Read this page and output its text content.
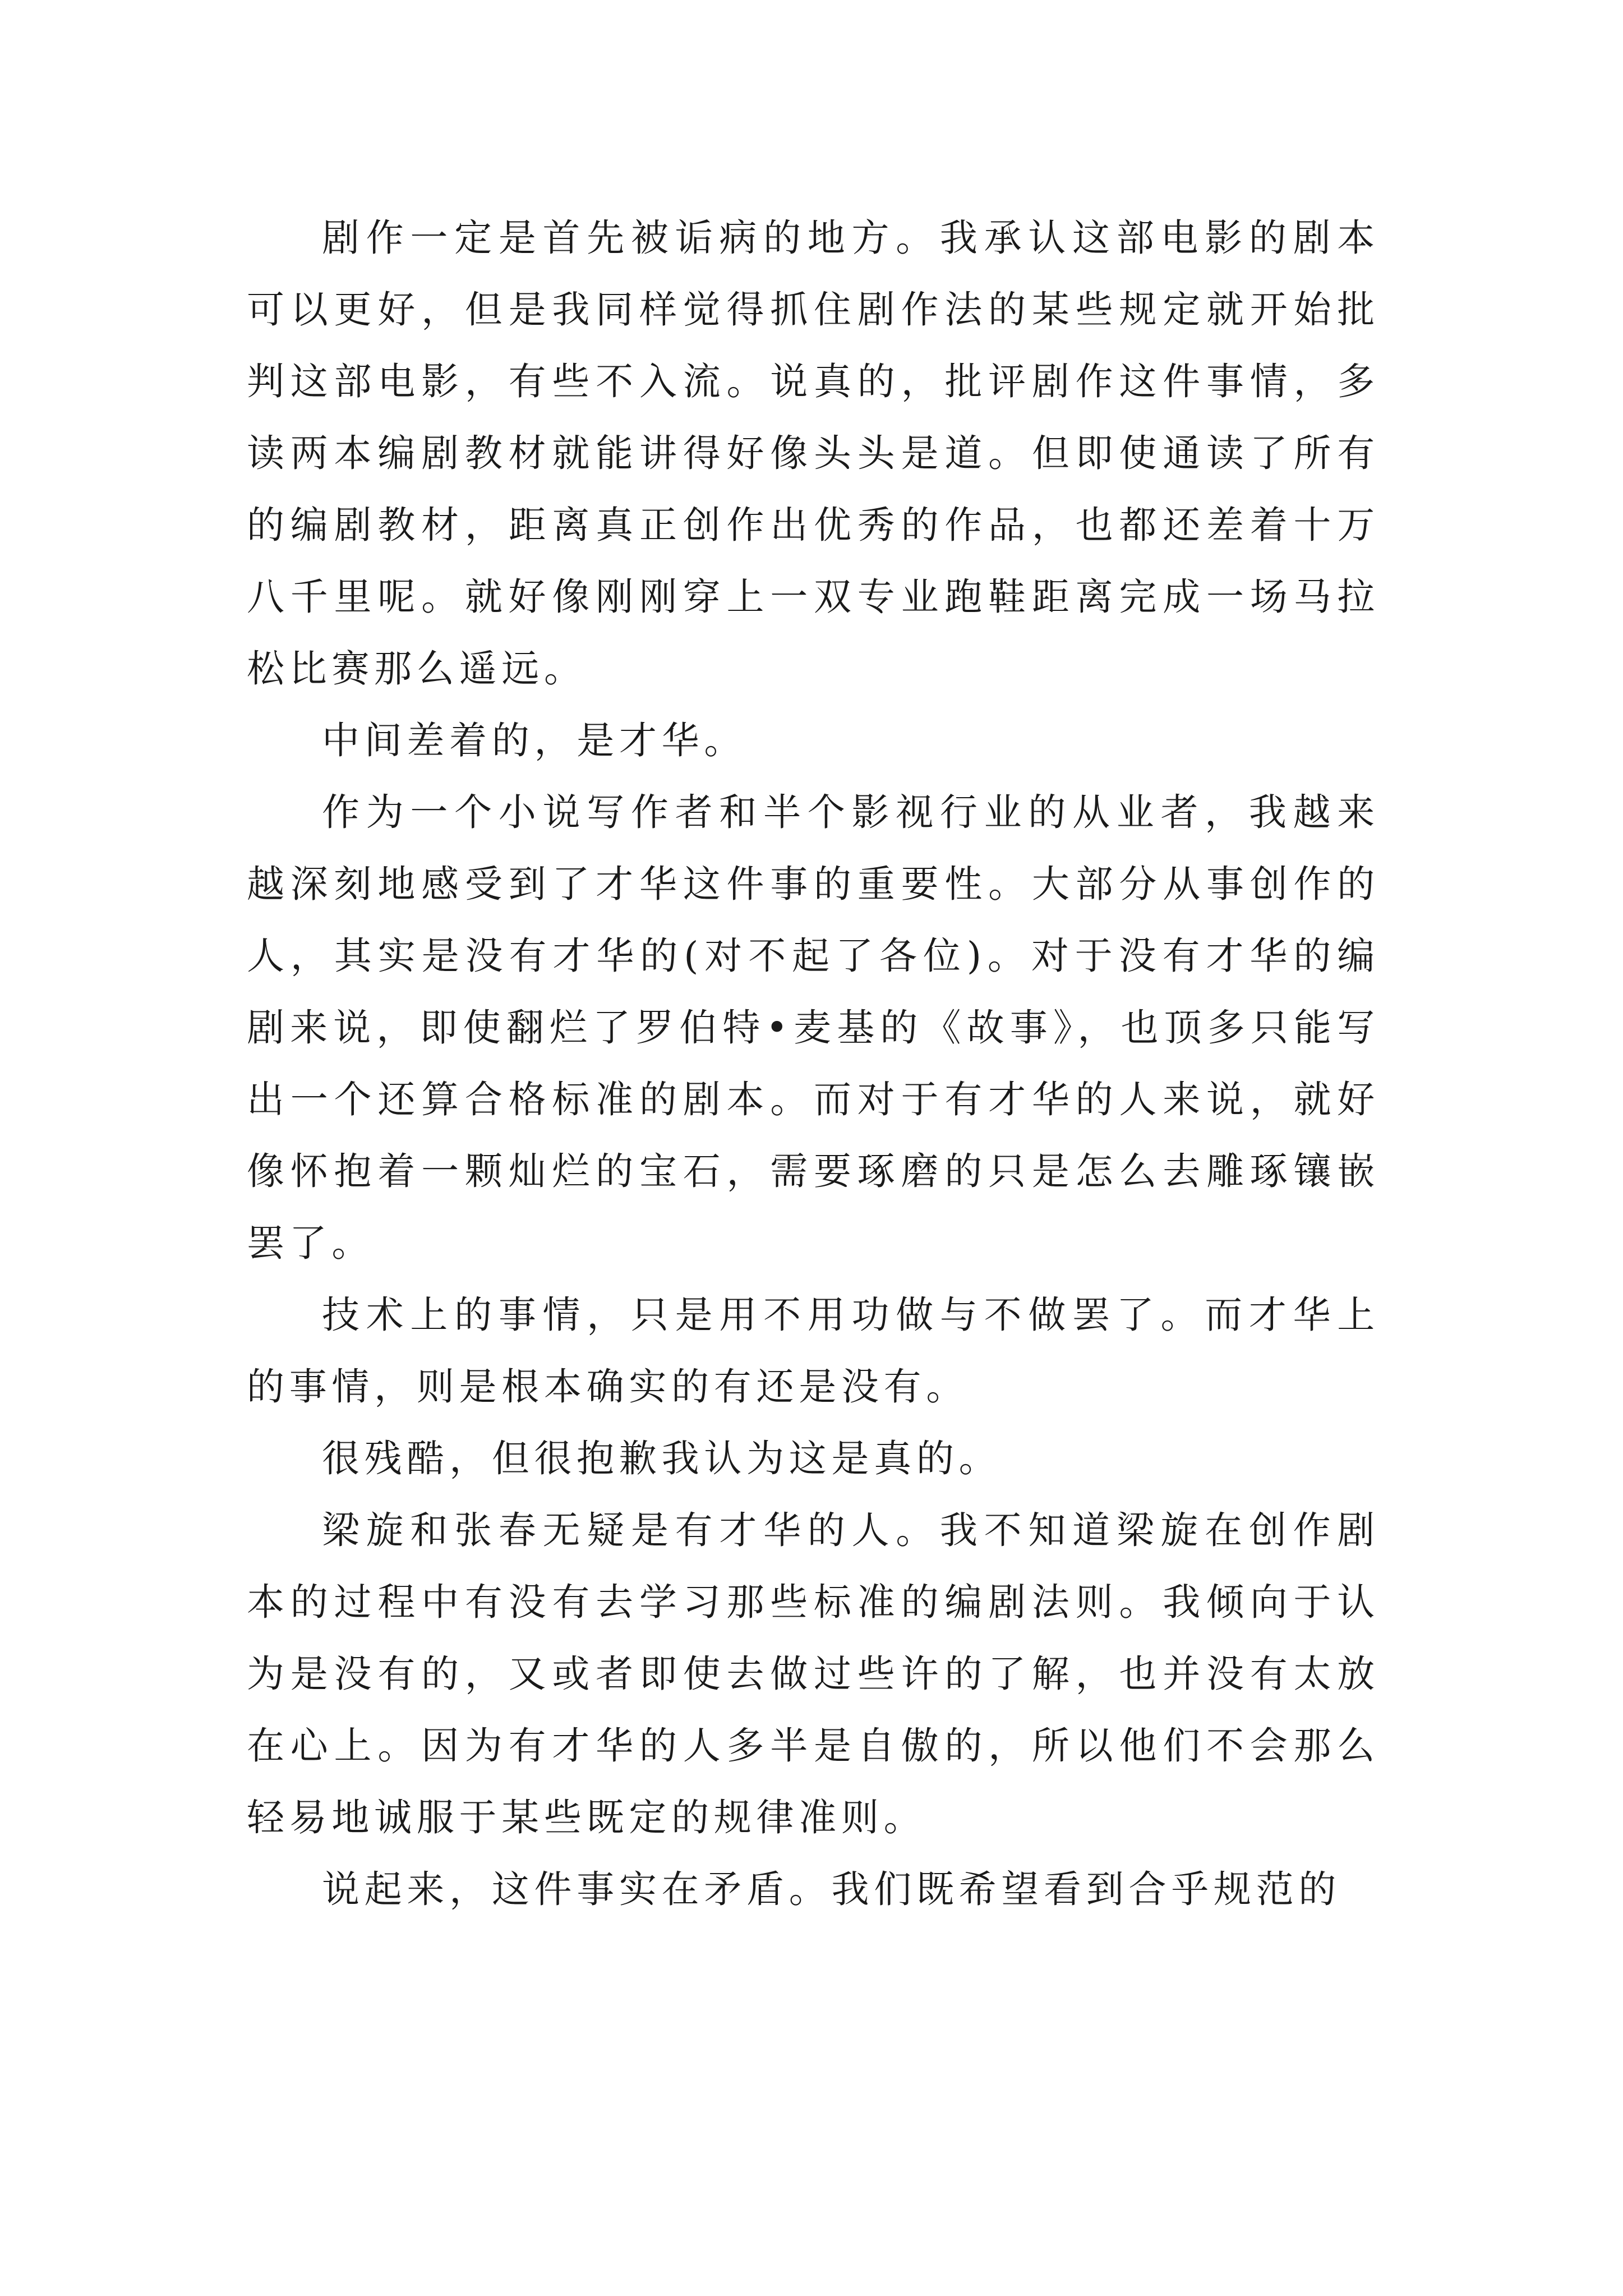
剧作一定是首先被诟病的地方。我承认这部电影的剧本可以更好，但是我同样觉得抓住剧作法的某些规定就开始批判这部电影，有些不入流。说真的，批评剧作这件事情，多读两本编剧教材就能讲得好像头头是道。但即使通读了所有的编剧教材，距离真正创作出优秀的作品，也都还差着十万八千里呢。就好像刚刚穿上一双专业跑鞋距离完成一场马拉松比赛那么遥远。

中间差着的，是才华。

作为一个小说写作者和半个影视行业的从业者，我越来越深刻地感受到了才华这件事的重要性。大部分从事创作的人，其实是没有才华的(对不起了各位)。对于没有才华的编剧来说，即使翻烂了罗伯特•麦基的《故事》，也顶多只能写出一个还算合格标准的剧本。而对于有才华的人来说，就好像怀抱着一颗灿烂的宝石，需要琢磨的只是怎么去雕琢镶嵌罢了。

技术上的事情，只是用不用功做与不做罢了。而才华上的事情，则是根本确实的有还是没有。

很残酷，但很抱歉我认为这是真的。

梁旋和张春无疑是有才华的人。我不知道梁旋在创作剧本的过程中有没有去学习那些标准的编剧法则。我倾向于认为是没有的，又或者即使去做过些许的了解，也并没有太放在心上。因为有才华的人多半是自傲的，所以他们不会那么轻易地诚服于某些既定的规律准则。

说起来，这件事实在矛盾。我们既希望看到合乎规范的
